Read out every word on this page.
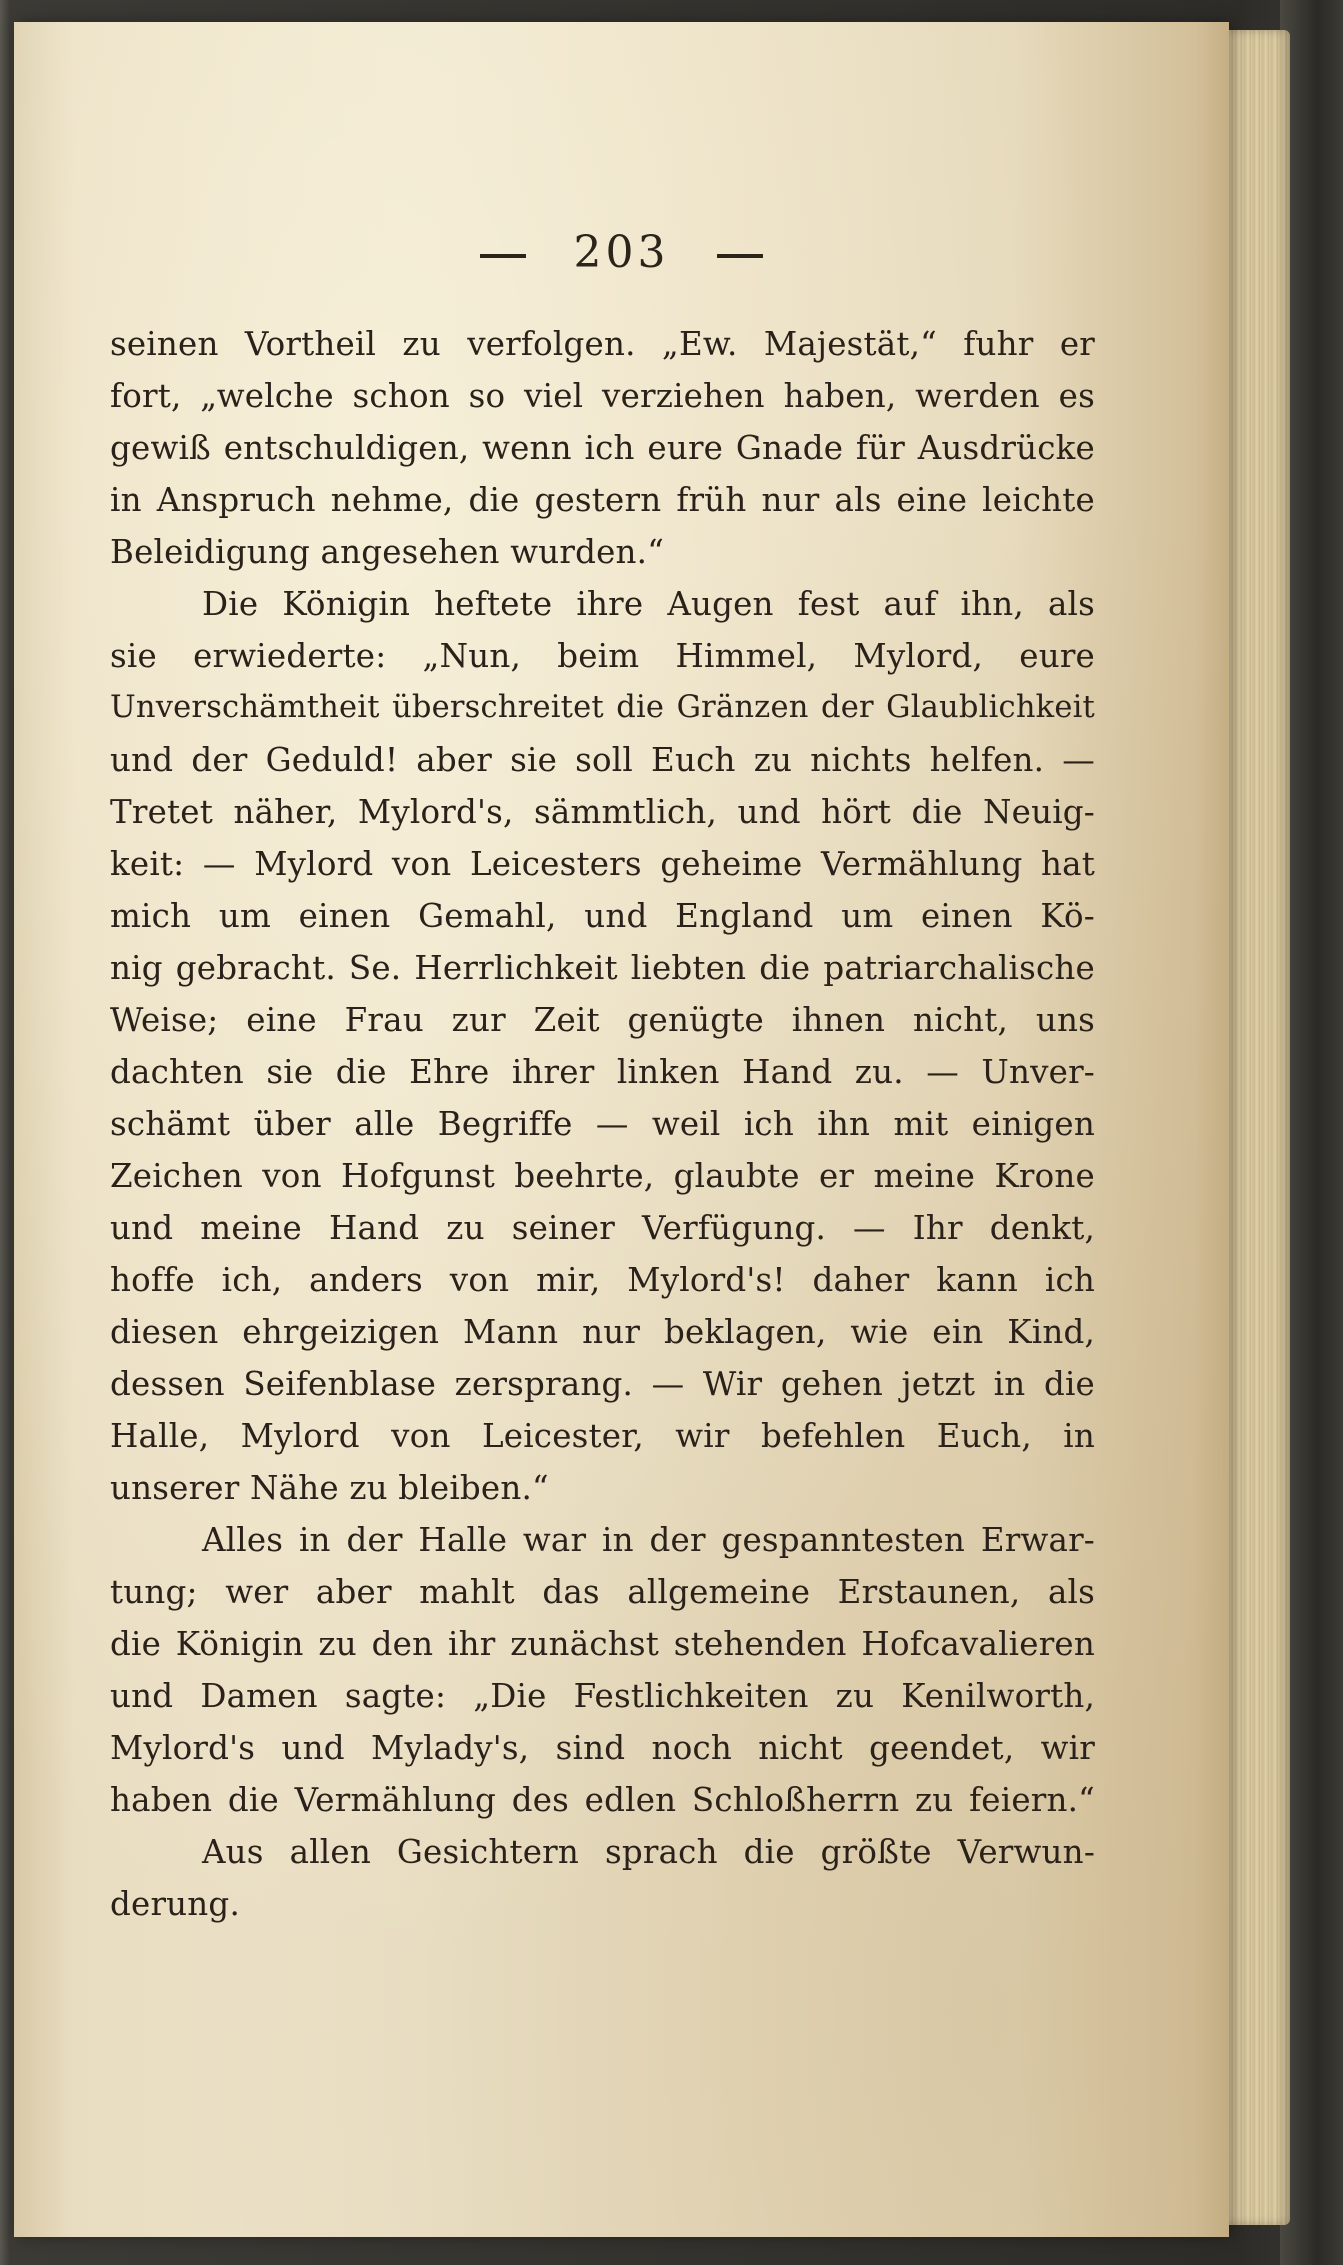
203
seinen Vortheil zu verfolgen. „Ew. Majestät,“ fuhr er
fort, „welche schon so viel verziehen haben, werden es
gewiß entschuldigen, wenn ich eure Gnade für Ausdrücke
in Anspruch nehme, die gestern früh nur als eine leichte
Beleidigung angesehen wurden.“
Die Königin heftete ihre Augen fest auf ihn, als
sie erwiederte: „Nun, beim Himmel, Mylord, eure
Unverschämtheit überschreitet die Gränzen der Glaublichkeit
und der Geduld! aber sie soll Euch zu nichts helfen. —
Tretet näher, Mylord's, sämmtlich, und hört die Neuig-
keit: — Mylord von Leicesters geheime Vermählung hat
mich um einen Gemahl, und England um einen Kö-
nig gebracht. Se. Herrlichkeit liebten die patriarchalische
Weise; eine Frau zur Zeit genügte ihnen nicht, uns
dachten sie die Ehre ihrer linken Hand zu. — Unver-
schämt über alle Begriffe — weil ich ihn mit einigen
Zeichen von Hofgunst beehrte, glaubte er meine Krone
und meine Hand zu seiner Verfügung. — Ihr denkt,
hoffe ich, anders von mir, Mylord's! daher kann ich
diesen ehrgeizigen Mann nur beklagen, wie ein Kind,
dessen Seifenblase zersprang. — Wir gehen jetzt in die
Halle, Mylord von Leicester, wir befehlen Euch, in
unserer Nähe zu bleiben.“
Alles in der Halle war in der gespanntesten Erwar-
tung; wer aber mahlt das allgemeine Erstaunen, als
die Königin zu den ihr zunächst stehenden Hofcavalieren
und Damen sagte: „Die Festlichkeiten zu Kenilworth,
Mylord's und Mylady's, sind noch nicht geendet, wir
haben die Vermählung des edlen Schloßherrn zu feiern.“
Aus allen Gesichtern sprach die größte Verwun-
derung.
